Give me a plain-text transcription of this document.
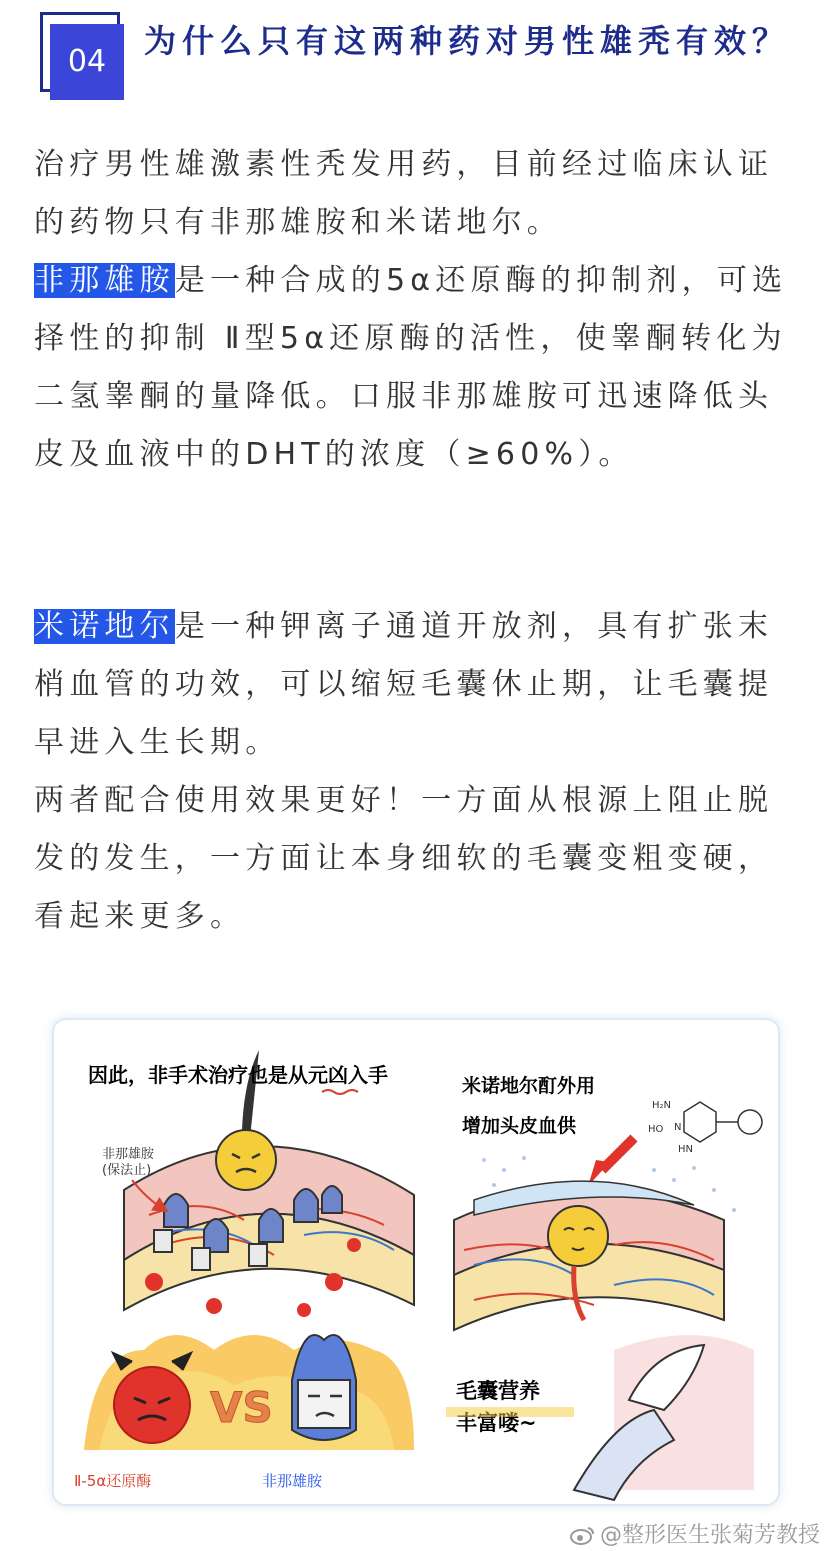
04
为什么只有这两种药对男性雄秃有效？
治疗男性雄激素性秃发用药，目前经过临床认证的药物只有非那雄胺和米诺地尔。
非那雄胺是一种合成的5α还原酶的抑制剂，可选择性的抑制 Ⅱ型5α还原酶的活性，使睾酮转化为二氢睾酮的量降低。口服非那雄胺可迅速降低头皮及血液中的DHT的浓度（≥60%）。
米诺地尔是一种钾离子通道开放剂，具有扩张末梢血管的功效，可以缩短毛囊休止期，让毛囊提早进入生长期。
两者配合使用效果更好！一方面从根源上阻止脱发的发生，一方面让本身细软的毛囊变粗变硬，看起来更多。
VS
因此，非手术治疗也是从元凶入手
非那雄胺
(保法止)
Ⅱ-5α还原酶	非那雄胺
米诺地尔酊外用
增加头皮血供
H₂N
HO N
HN
毛囊营养
丰富喽~
@整形医生张菊芳教授
